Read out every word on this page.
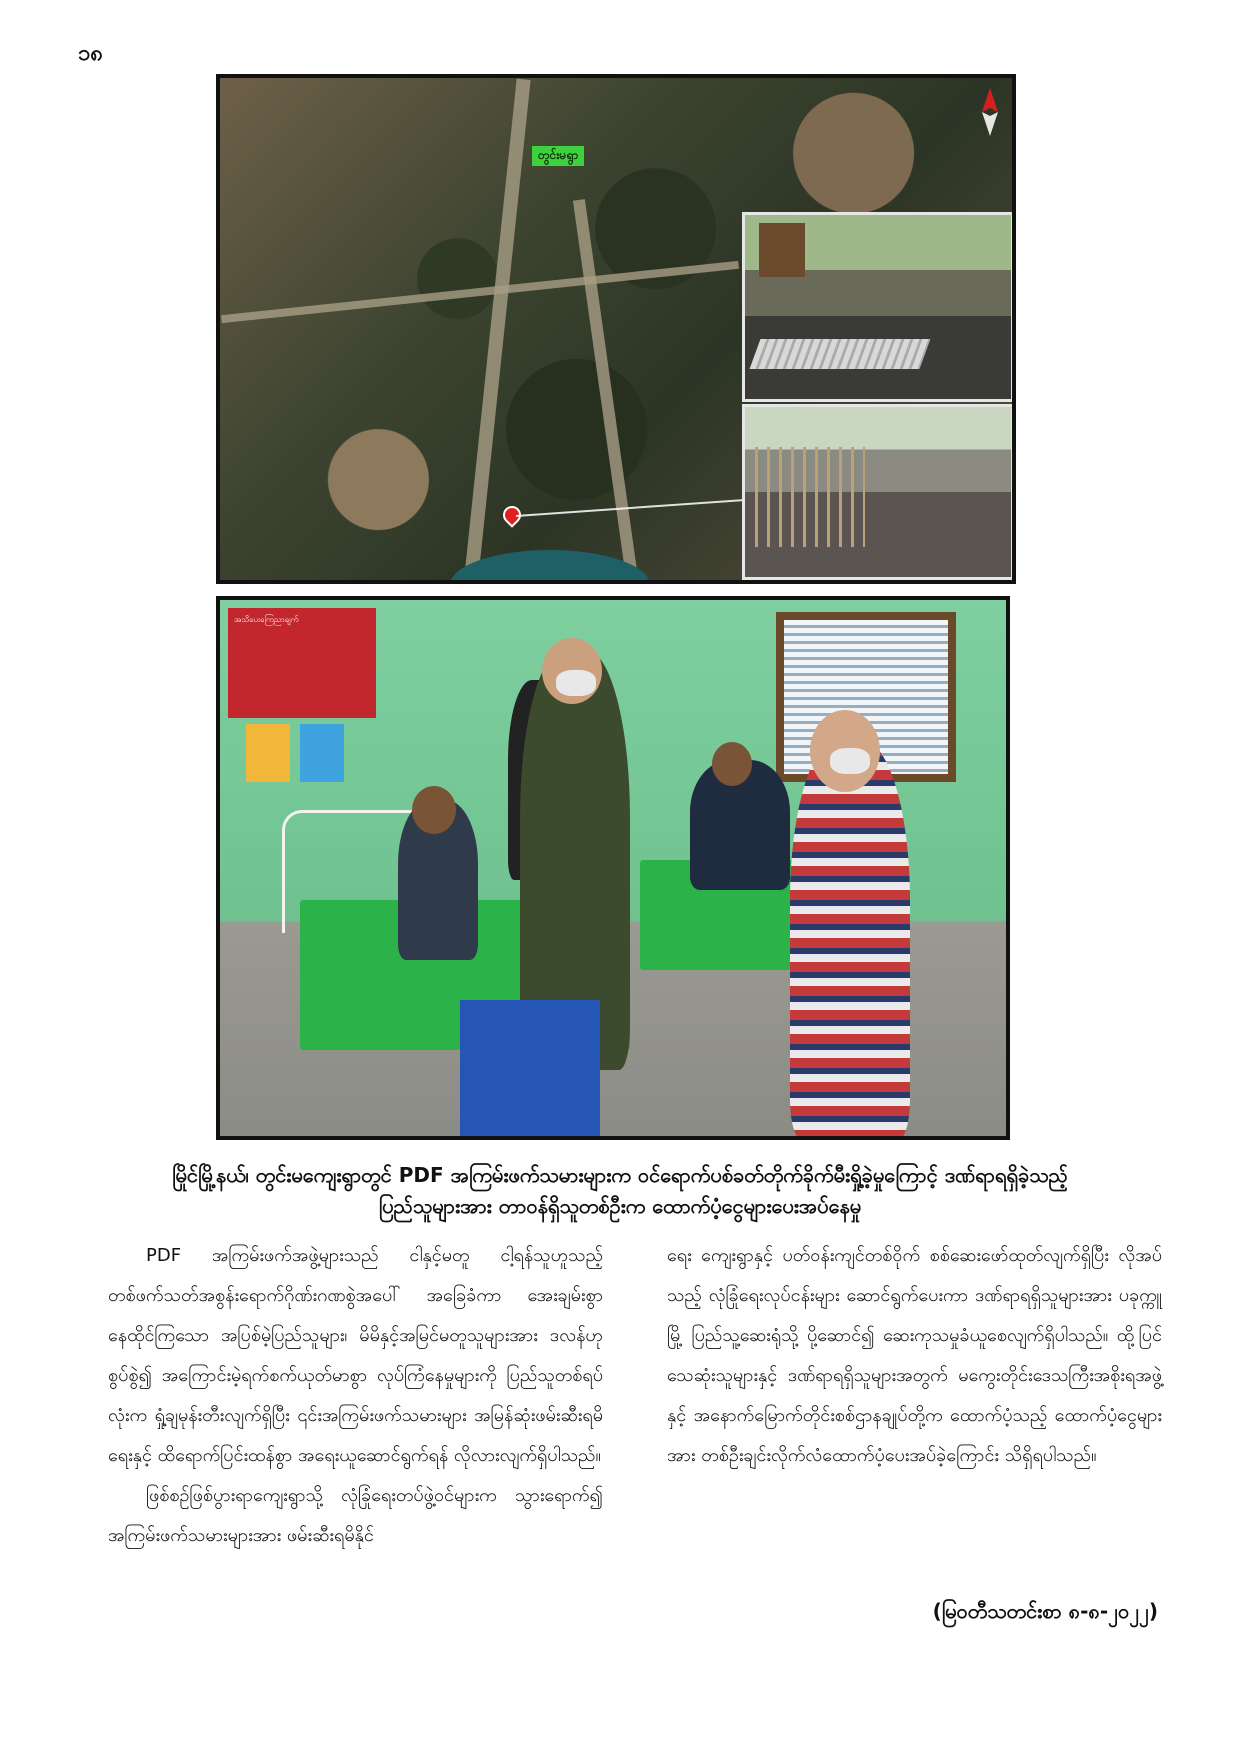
၁၈
တွင်းမရွာ
အသိပေးကြေညာချက်
မြိုင်မြို့နယ်၊ တွင်းမကျေးရွာတွင် PDF အကြမ်းဖက်သမားများက ဝင်ရောက်ပစ်ခတ်တိုက်ခိုက်မီးရှို့ခဲ့မှုကြောင့် ဒဏ်ရာရရှိခဲ့သည့်
ပြည်သူများအား တာဝန်ရှိသူတစ်ဦးက ထောက်ပံ့ငွေများပေးအပ်နေမှု

PDF အကြမ်းဖက်အဖွဲ့များသည် ငါနှင့်မတူ ငါ့ရန်သူဟူသည့် တစ်ဖက်သတ်အစွန်းရောက်ဂိုဏ်းဂဏစွဲအပေါ် အခြေခံကာ အေးချမ်းစွာနေထိုင်ကြသော အပြစ်မဲ့ပြည်သူများ၊ မိမိနှင့်အမြင်မတူသူများအား ဒလန်ဟုစွပ်စွဲ၍ အကြောင်းမဲ့ရက်စက်ယုတ်မာစွာ လုပ်ကြံနေမှုများကို ပြည်သူတစ်ရပ်လုံးက ရှုံ့ချမုန်းတီးလျက်ရှိပြီး ၎င်းအကြမ်းဖက်သမားများ အမြန်ဆုံးဖမ်းဆီးရမိရေးနှင့် ထိရောက်ပြင်းထန်စွာ အရေးယူဆောင်ရွက်ရန် လိုလားလျက်ရှိပါသည်။

ဖြစ်စဉ်ဖြစ်ပွားရာကျေးရွာသို့ လုံခြုံရေးတပ်ဖွဲ့ဝင်များက သွားရောက်၍ အကြမ်းဖက်သမားများအား ဖမ်းဆီးရမိနိုင်

ရေး ကျေးရွာနှင့် ပတ်ဝန်းကျင်တစ်ဝိုက် စစ်ဆေးဖော်ထုတ်လျက်ရှိပြီး လိုအပ်သည့် လုံခြုံရေးလုပ်ငန်းများ ဆောင်ရွက်ပေးကာ ဒဏ်ရာရရှိသူများအား ပခုက္ကူမြို့ ပြည်သူ့ဆေးရုံသို့ ပို့ဆောင်၍ ဆေးကုသမှုခံယူစေလျက်ရှိပါသည်။ ထို့ပြင် သေဆုံးသူများနှင့် ဒဏ်ရာရရှိသူများအတွက် မကွေးတိုင်းဒေသကြီးအစိုးရအဖွဲ့နှင့် အနောက်မြောက်တိုင်းစစ်ဌာနချုပ်တို့က ထောက်ပံ့သည့် ထောက်ပံ့ငွေများအား တစ်ဦးချင်းလိုက်လံထောက်ပံ့ပေးအပ်ခဲ့ကြောင်း သိရှိရပါသည်။

(မြဝတီသတင်းစာ ၈-၈-၂၀၂၂)
